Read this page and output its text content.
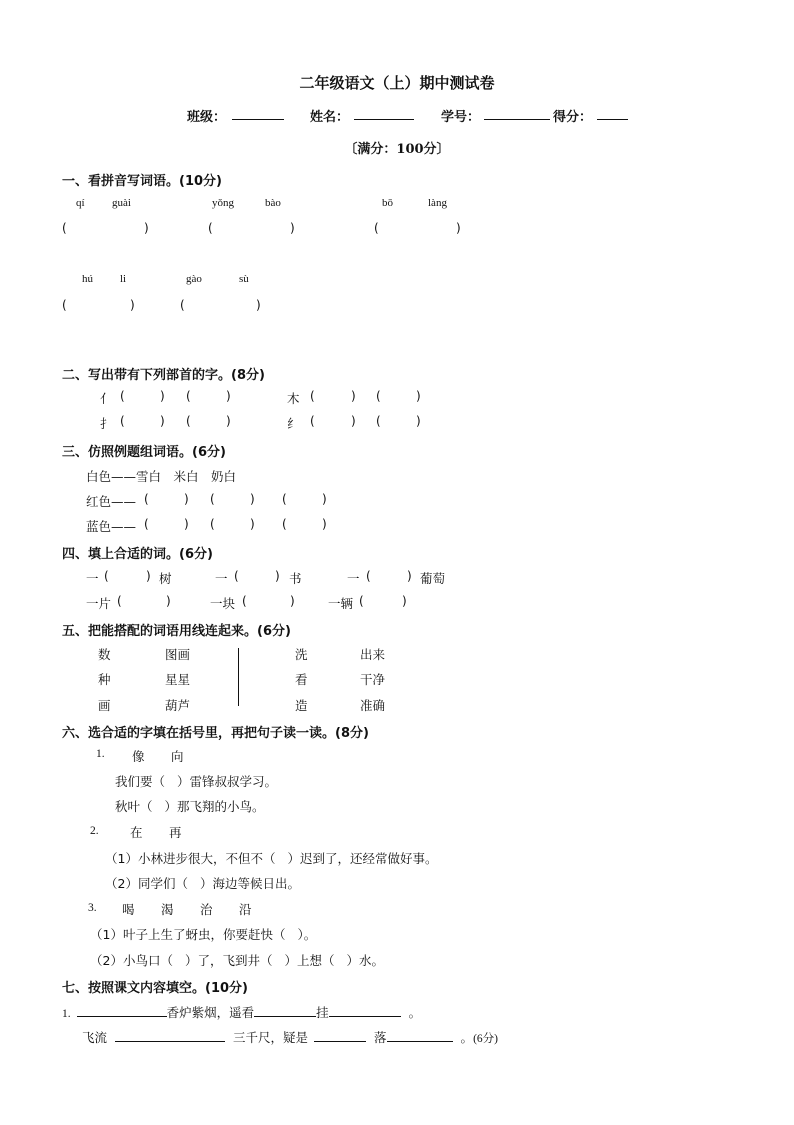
二年级语文（上）期中测试卷
班级：	姓名：	学号：	得分：
〔满分：100分〕
一、看拼音写词语。(10分)
qí guài	yǒng	bào	bō	làng
(	)	(	)	(	)
hú li	gào	sù
(	)	(	)
二、写出带有下列部首的字。(8分)
亻 (	) (	)	木 (	) (	)
扌 (	) (	)	纟 (	) (	)
三、仿照例题组词语。(6分)
白色——雪白　米白　奶白
红色—— (	) (	) (	)
蓝色—— (	) (	) (	)
四、填上合适的词。(6分)
一 (	) 树	一 (	) 书	一 (	) 葡萄
一片 (	)	一块 (	)	一辆 (	)
五、把能搭配的词语用线连起来。(6分)
数	图画	洗	出来
种	星星	看	干净
画	葫芦	造	准确
六、选合适的字填在括号里，再把句子读一读。(8分)
1. 像 向
我们要（ ）雷锋叔叔学习。
秋叶（ ）那飞翔的小鸟。
2.	在 再
（1）小林进步很大，不但不（ ）迟到了，还经常做好事。
（2）同学们（ ）海边等候日出。
3. 喝 渴 治 沿
（1）叶子上生了蚜虫，你要赶快（ ）。
（2）小鸟口（ ）了，飞到井（ ）上想（ ）水。
七、按照课文内容填空。(10分)
1.	香炉紫烟，遥看	挂	。
飞流	三千尺，疑是	落	。(6分)
